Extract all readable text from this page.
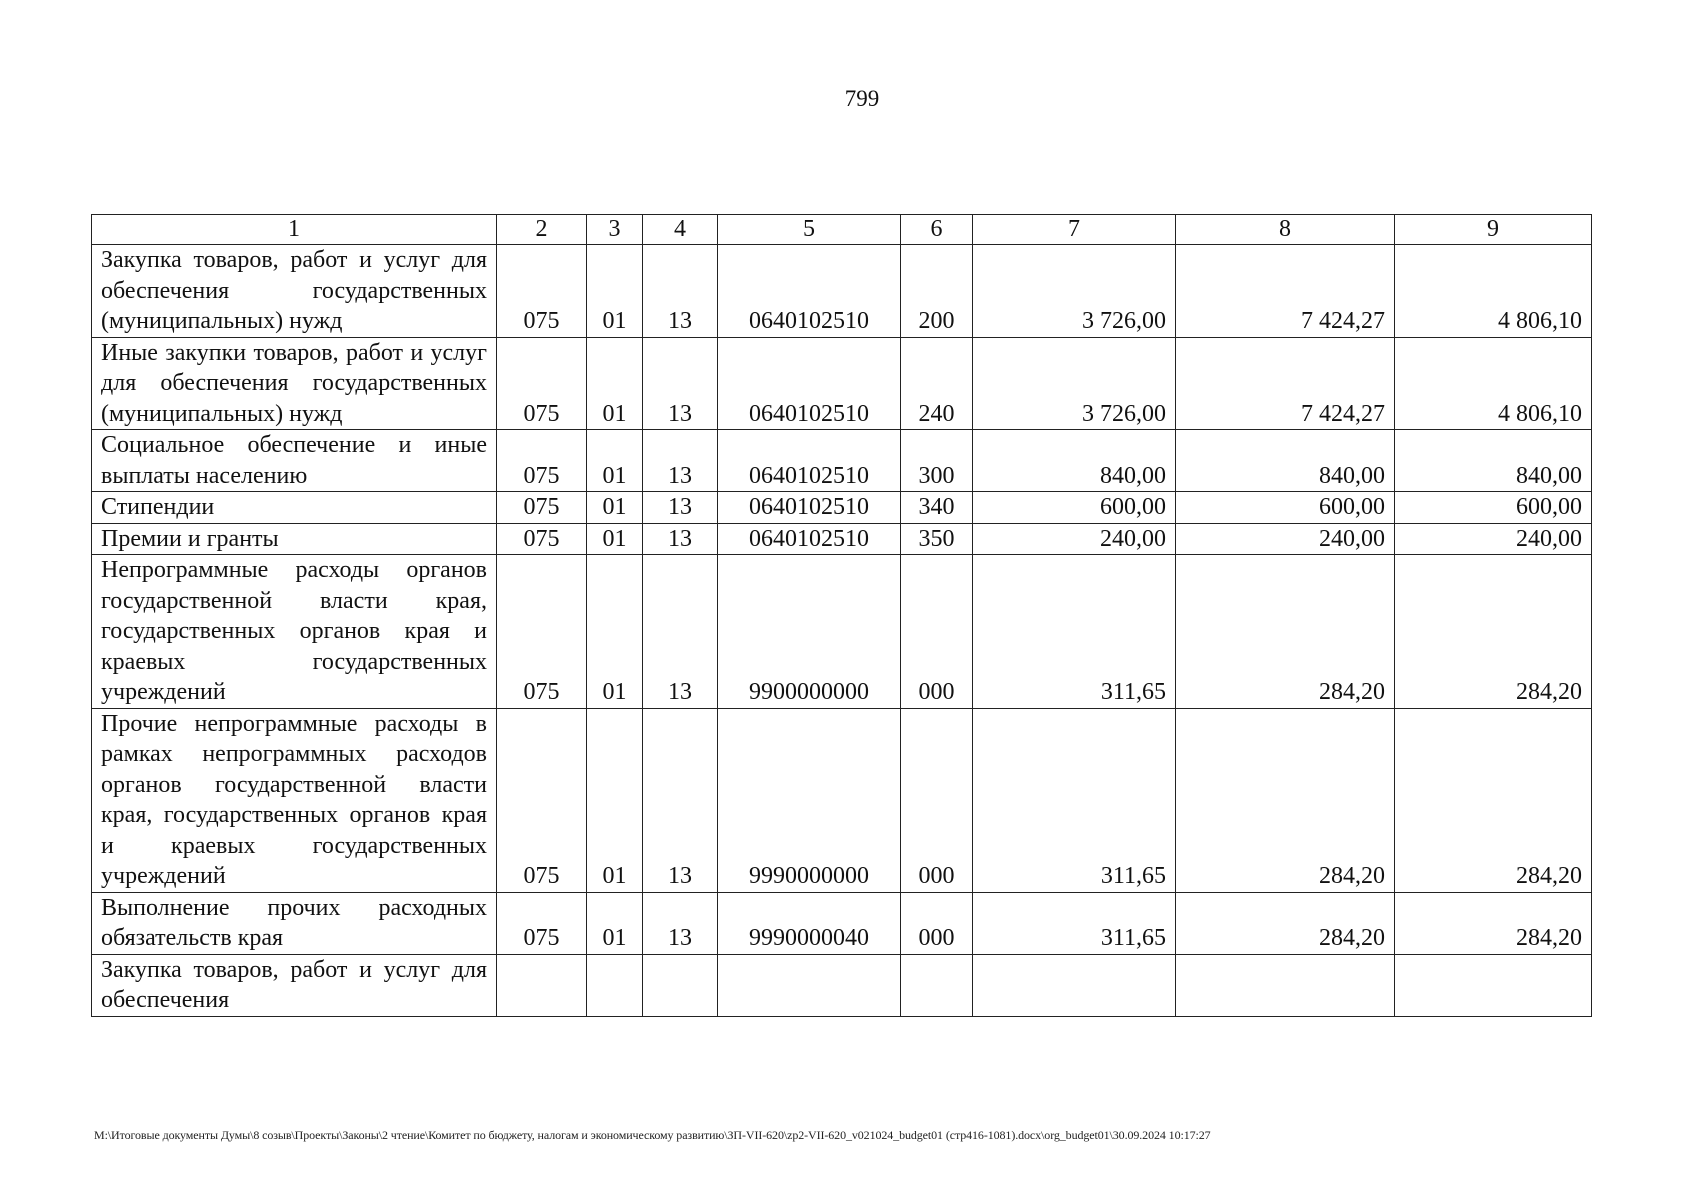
799
1	2	3	4	5	6	7	8	9
Закупка товаров, работ и услуг для обеспечения государственных (муниципальных) нужд	075	01	13	0640102510	200	3 726,00	7 424,27	4 806,10
Иные закупки товаров, работ и услуг для обеспечения государственных (муниципальных) нужд	075	01	13	0640102510	240	3 726,00	7 424,27	4 806,10
Социальное обеспечение и иные выплаты населению	075	01	13	0640102510	300	840,00	840,00	840,00
Стипендии	075	01	13	0640102510	340	600,00	600,00	600,00
Премии и гранты	075	01	13	0640102510	350	240,00	240,00	240,00
Непрограммные расходы органов государственной власти края, государственных органов края и краевых государственных учреждений	075	01	13	9900000000	000	311,65	284,20	284,20
Прочие непрограммные расходы в рамках непрограммных расходов органов государственной власти края, государственных органов края и краевых государственных учреждений	075	01	13	9990000000	000	311,65	284,20	284,20
Выполнение прочих расходных обязательств края	075	01	13	9990000040	000	311,65	284,20	284,20
Закупка товаров, работ и услуг для обеспечения								
M:\Итоговые документы Думы\8 созыв\Проекты\Законы\2 чтение\Комитет по бюджету, налогам и экономическому развитию\ЗП-VII-620\zp2-VII-620_v021024_budget01 (стр416-1081).docx\org_budget01\30.09.2024 10:17:27
